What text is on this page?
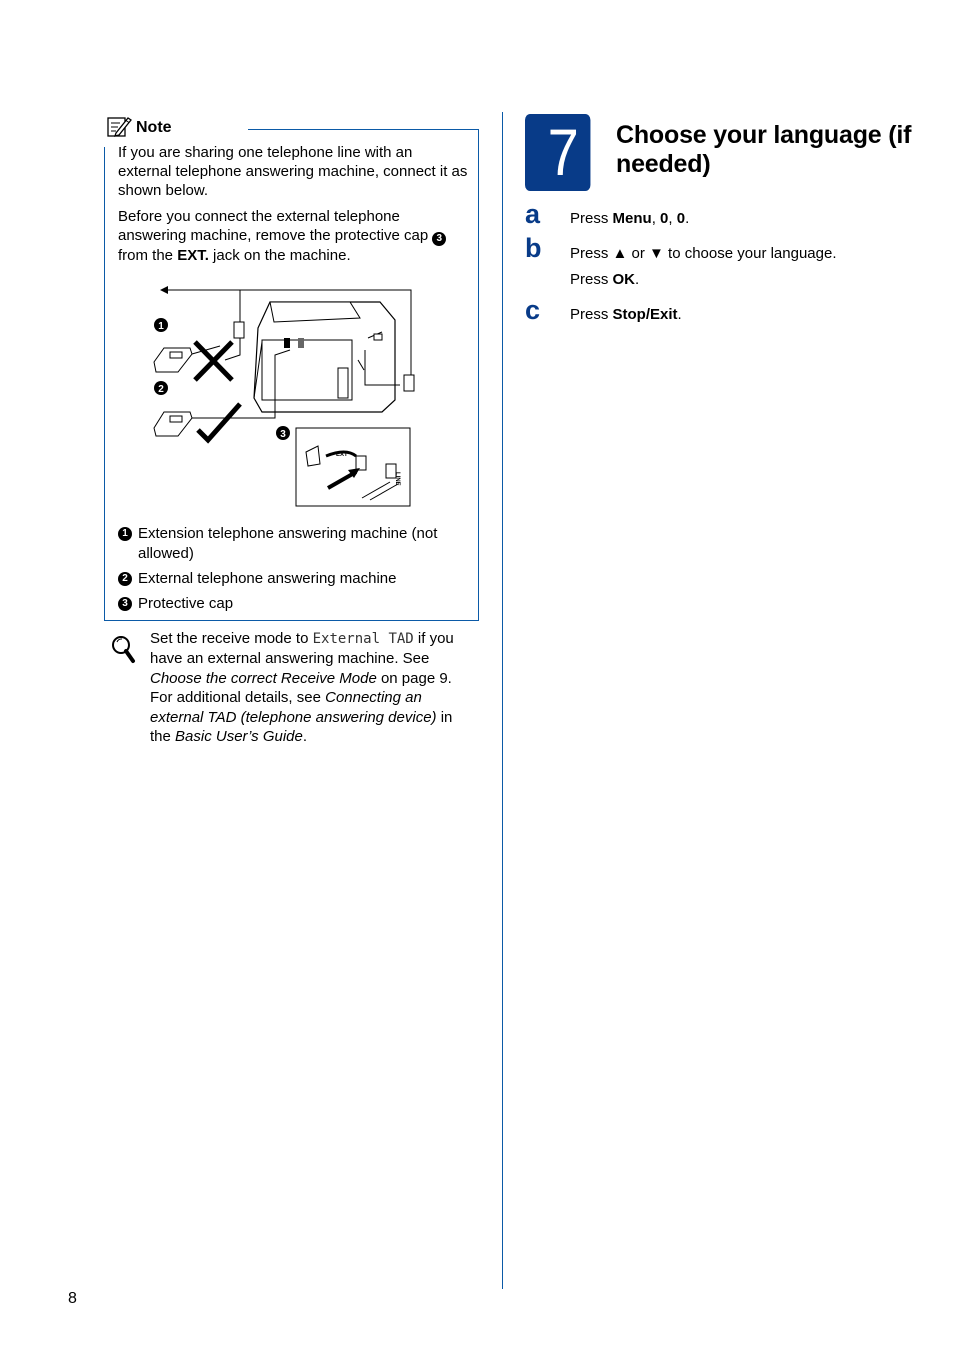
Note
If you are sharing one telephone line with an external telephone answering machine, connect it as shown below.
Before you connect the external telephone answering machine, remove the protective cap 3 from the EXT. jack on the machine.
1
2
3
EXT
LINE
1 Extension telephone answering machine (not allowed)
2 External telephone answering machine
3 Protective cap
Set the receive mode to External TAD if you have an external answering machine. See Choose the correct Receive Mode on page 9. For additional details, see Connecting an external TAD (telephone answering device) in the Basic User’s Guide.
7	Choose your language (if needed)
a Press Menu, 0, 0.
b Press ▲ or ▼ to choose your language.
Press OK.
c Press Stop/Exit.
8
